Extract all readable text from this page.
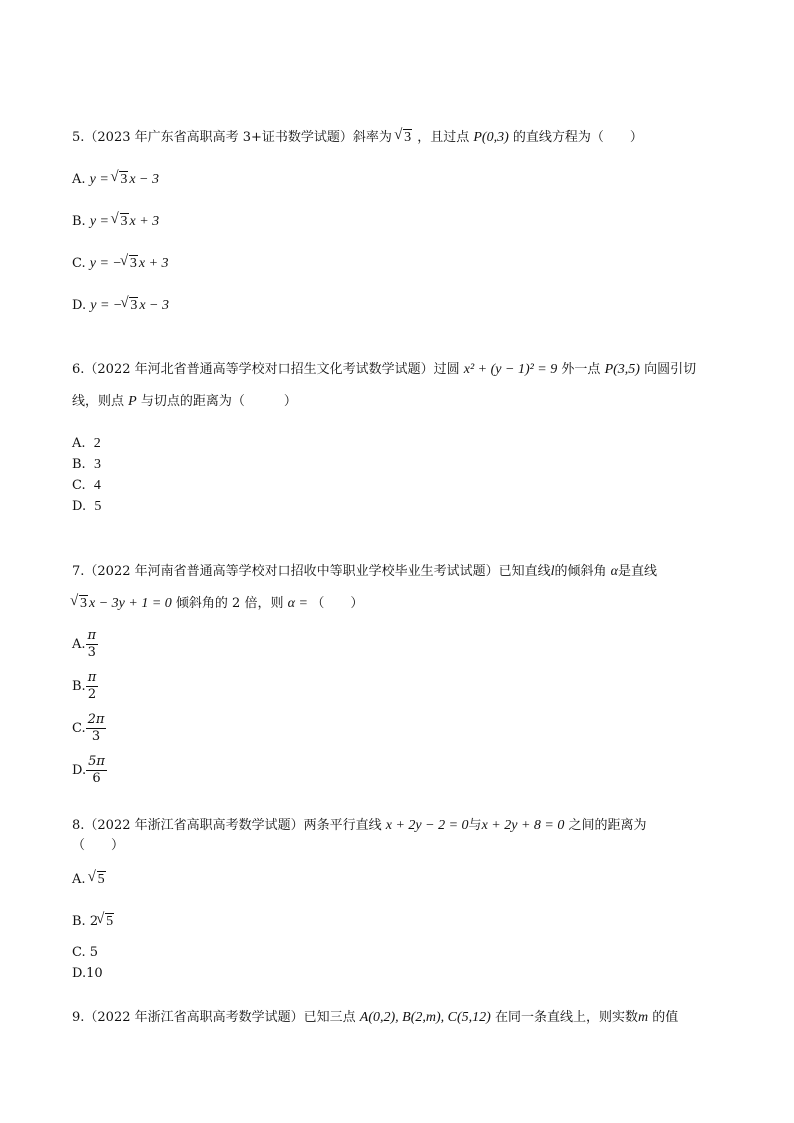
5.（2023 年广东省高职高考 3+证书数学试题）斜率为 √ 3 ，且过点 P(0,3) 的直线方程为（　　）
A. y = √ 3 x − 3
B. y = √ 3 x + 3
C. y = − √ 3 x + 3
D. y = − √ 3 x − 3
6.（2022 年河北省普通高等学校对口招生文化考试数学试题）过圆 x² + (y − 1)² = 9 外一点 P(3,5) 向圆引切
线，则点 P 与切点的距离为（　　　）
A. 2
B. 3
C. 4
D. 5
7.（2022 年河南省普通高等学校对口招收中等职业学校毕业生考试试题）已知直线l的倾斜角 α是直线
√ 3 x − 3y + 1 = 0 倾斜角的 2 倍，则 α = （　　）
A. $\frac{\pi}{3}$
B. $\frac{\pi}{2}$
C. $\frac{2\pi}{3}$
D. $\frac{5\pi}{6}$
8.（2022 年浙江省高职高考数学试题）两条平行直线 x + 2y − 2 = 0与x + 2y + 8 = 0 之间的距离为
（　　）
A. √ 5
B. 2 √ 5
C. 5
D.10
9.（2022 年浙江省高职高考数学试题）已知三点 A(0,2), B(2,m), C(5,12) 在同一条直线上，则实数m 的值
